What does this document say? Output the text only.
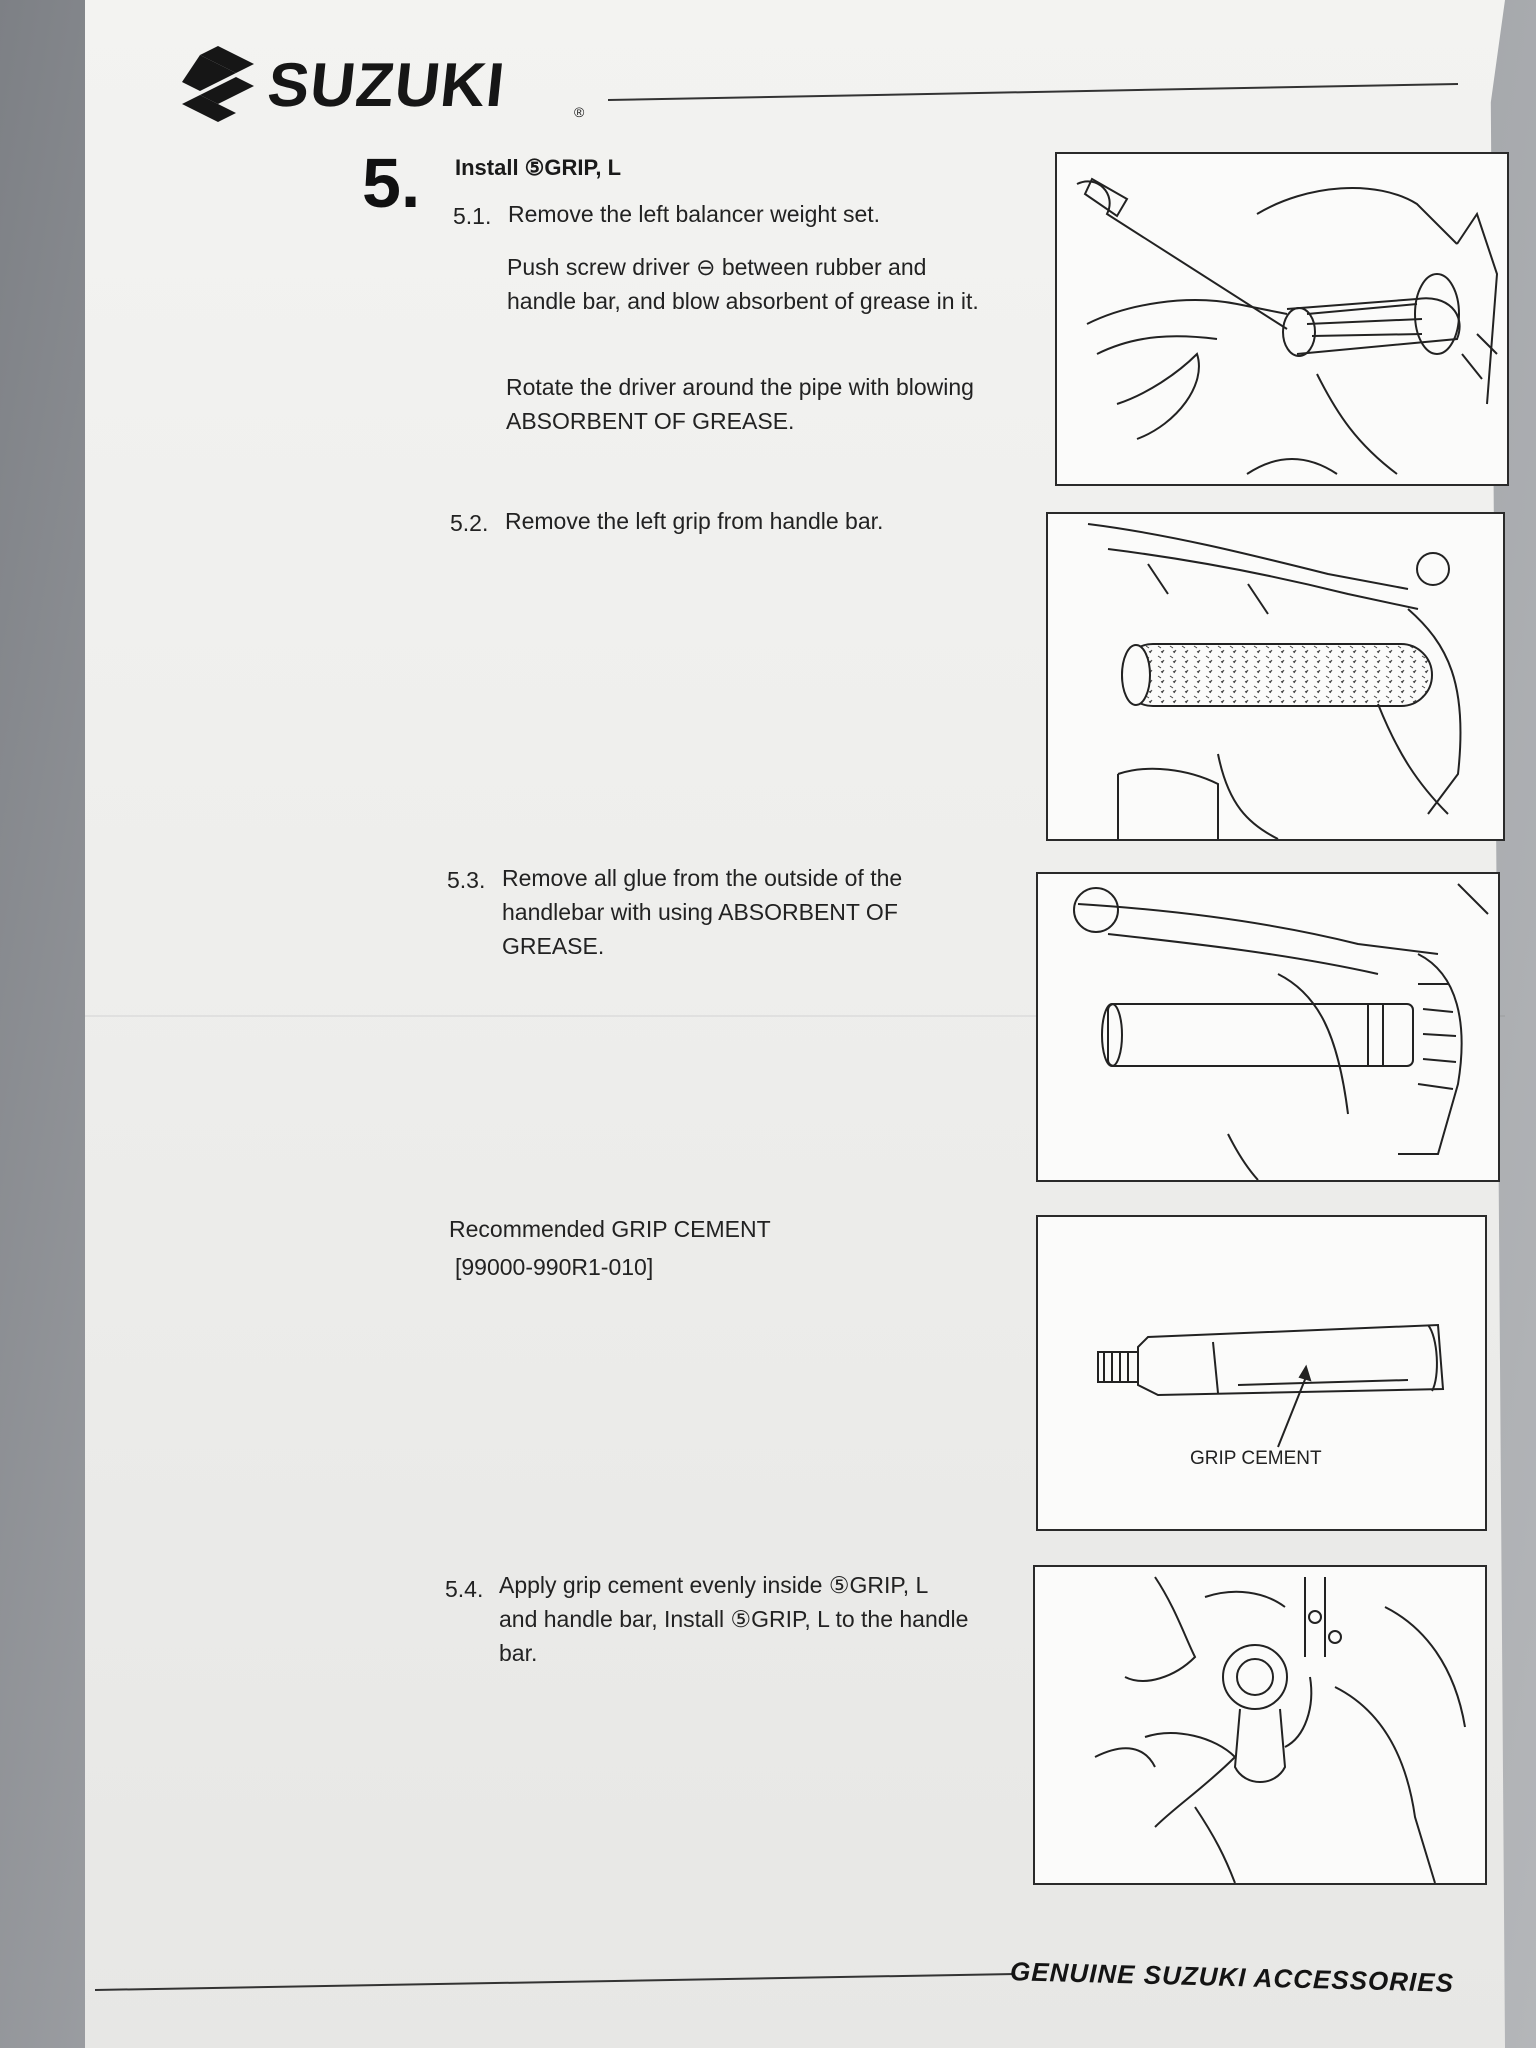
SUZUKI	®
5. Install ⑤GRIP, L
5.1. Remove the left balancer weight set.
Push screw driver ⊖ between rubber and handle bar, and blow absorbent of grease in it.
Rotate the driver around the pipe with blowing ABSORBENT OF GREASE.
5.2. Remove the left grip from handle bar.
5.3. Remove all glue from the outside of the handlebar with using ABSORBENT OF GREASE.
Recommended GRIP CEMENT
[99000-990R1-010]
5.4. Apply grip cement evenly inside ⑤GRIP, L and handle bar, Install ⑤GRIP, L to the handle bar.
GRIP CEMENT
GENUINE SUZUKI ACCESSORIES
